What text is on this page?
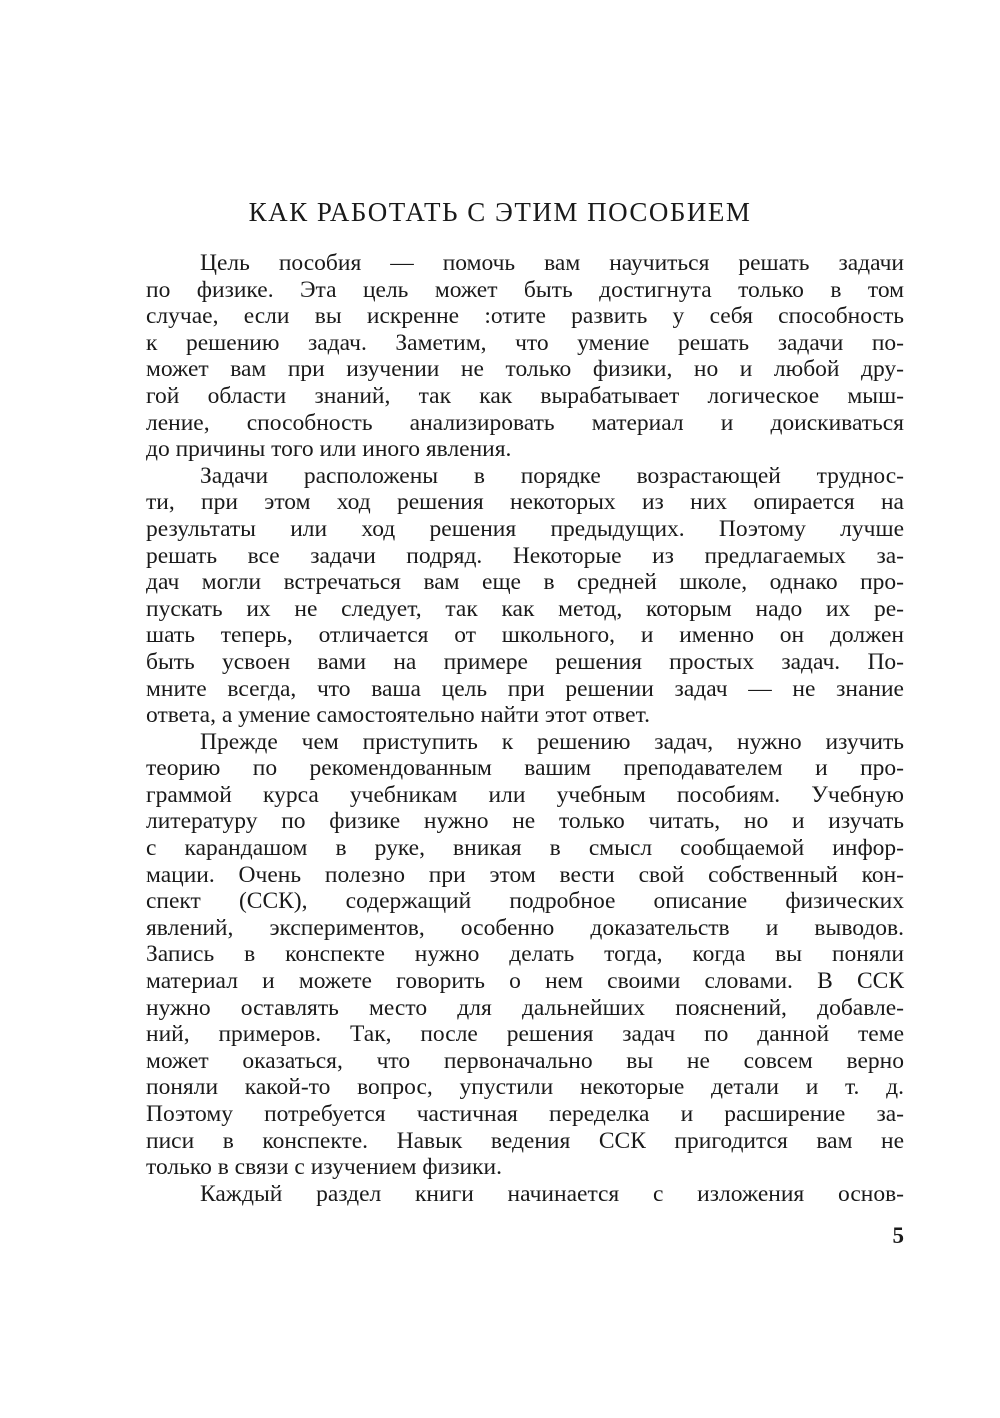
КАК РАБОТАТЬ С ЭТИМ ПОСОБИЕМ
Цель пособия — помочь вам научиться решать задачи
по физике. Эта цель может быть достигнута только в том
случае, если вы искренне :отите развить у себя способность
к решению задач. Заметим, что умение решать задачи по-
может вам при изучении не только физики, но и любой дру-
гой области знаний, так как вырабатывает логическое мыш-
ление, способность анализировать материал и доискиваться
до причины того или иного явления.
Задачи расположены в порядке возрастающей труднос-
ти, при этом ход решения некоторых из них опирается на
результаты или ход решения предыдущих. Поэтому лучше
решать все задачи подряд. Некоторые из предлагаемых за-
дач могли встречаться вам еще в средней школе, однако про-
пускать их не следует, так как метод, которым надо их ре-
шать теперь, отличается от школьного, и именно он должен
быть усвоен вами на примере решения простых задач. По-
мните всегда, что ваша цель при решении задач — не знание
ответа, а умение самостоятельно найти этот ответ.
Прежде чем приступить к решению задач, нужно изучить
теорию по рекомендованным вашим преподавателем и про-
граммой курса учебникам или учебным пособиям. Учебную
литературу по физике нужно не только читать, но и изучать
с карандашом в руке, вникая в смысл сообщаемой инфор-
мации. Очень полезно при этом вести свой собственный кон-
спект (ССК), содержащий подробное описание физических
явлений, экспериментов, особенно доказательств и выводов.
Запись в конспекте нужно делать тогда, когда вы поняли
материал и можете говорить о нем своими словами. В ССК
нужно оставлять место для дальнейших пояснений, добавле-
ний, примеров. Так, после решения задач по данной теме
может оказаться, что первоначально вы не совсем верно
поняли какой-то вопрос, упустили некоторые детали и т. д.
Поэтому потребуется частичная переделка и расширение за-
писи в конспекте. Навык ведения ССК пригодится вам не
только в связи с изучением физики.
Каждый раздел книги начинается с изложения основ-
5
